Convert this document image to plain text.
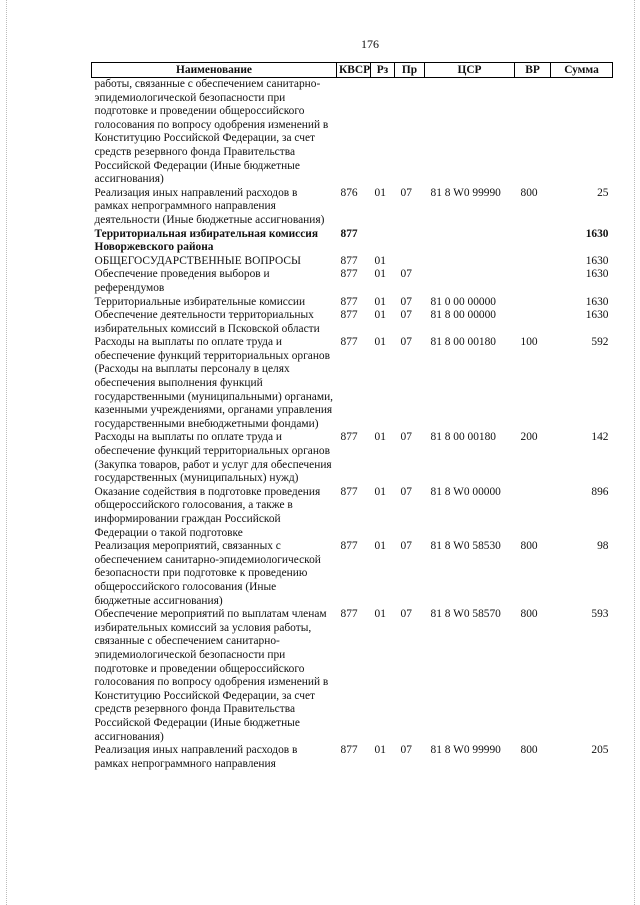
176
Наименование	КВСР	Рз	Пр	ЦСР	ВР	Сумма
работы, связанные с обеспечением санитарно-эпидемиологической безопасности при подготовке и проведении общероссийского голосования по вопросу одобрения изменений в Конституцию Российской Федерации, за счет средств резервного фонда Правительства Российской Федерации (Иные бюджетные ассигнования)						
Реализация иных направлений расходов в рамках непрограммного направления деятельности (Иные бюджетные ассигнования)	876	01	07	81 8 W0 99990	800	25
Территориальная избирательная комиссия Новоржевского района	877					1630
ОБЩЕГОСУДАРСТВЕННЫЕ ВОПРОСЫ	877	01				1630
Обеспечение проведения выборов и референдумов	877	01	07			1630
Территориальные избирательные комиссии	877	01	07	81 0 00 00000		1630
Обеспечение деятельности территориальных избирательных комиссий в Псковской области	877	01	07	81 8 00 00000		1630
Расходы на выплаты по оплате труда и обеспечение функций территориальных органов (Расходы на выплаты персоналу в целях обеспечения выполнения функций государственными (муниципальными) органами, казенными учреждениями, органами управления государственными внебюджетными фондами)	877	01	07	81 8 00 00180	100	592
Расходы на выплаты по оплате труда и обеспечение функций территориальных органов (Закупка товаров, работ и услуг для обеспечения государственных (муниципальных) нужд)	877	01	07	81 8 00 00180	200	142
Оказание содействия в подготовке проведения общероссийского голосования, а также в информировании граждан Российской Федерации о такой подготовке	877	01	07	81 8 W0 00000		896
Реализация мероприятий, связанных с обеспечением санитарно-эпидемиологической безопасности при подготовке к проведению общероссийского голосования (Иные бюджетные ассигнования)	877	01	07	81 8 W0 58530	800	98
Обеспечение мероприятий по выплатам членам избирательных комиссий за условия работы, связанные с обеспечением санитарно-эпидемиологической безопасности при подготовке и проведении общероссийского голосования по вопросу одобрения изменений в Конституцию Российской Федерации, за счет средств резервного фонда Правительства Российской Федерации (Иные бюджетные ассигнования)	877	01	07	81 8 W0 58570	800	593
Реализация иных направлений расходов в рамках непрограммного направления	877	01	07	81 8 W0 99990	800	205
